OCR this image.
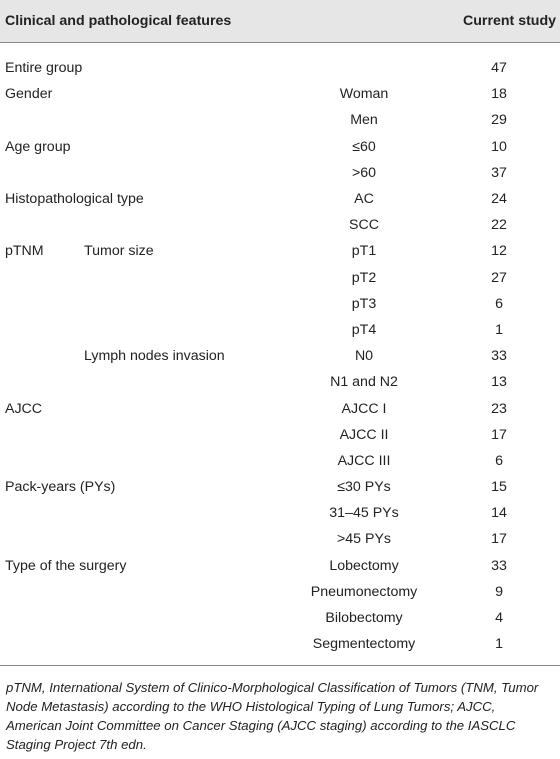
Clinical and pathological features			Current study
Entire group			47
Gender		Woman	18
		Men	29
Age group		≤60	10
		>60	37
Histopathological type		AC	24
		SCC	22
pTNM	Tumor size	pT1	12
		pT2	27
		pT3	6
		pT4	1
	Lymph nodes invasion	N0	33
		N1 and N2	13
AJCC		AJCC I	23
		AJCC II	17
		AJCC III	6
Pack-years (PYs)		≤30 PYs	15
		31–45 PYs	14
		>45 PYs	17
Type of the surgery		Lobectomy	33
		Pneumonectomy	9
		Bilobectomy	4
		Segmentectomy	1
pTNM, International System of Clinico-Morphological Classification of Tumors (TNM, Tumor Node Metastasis) according to the WHO Histological Typing of Lung Tumors; AJCC, American Joint Committee on Cancer Staging (AJCC staging) according to the IASCLC Staging Project 7th edn.
